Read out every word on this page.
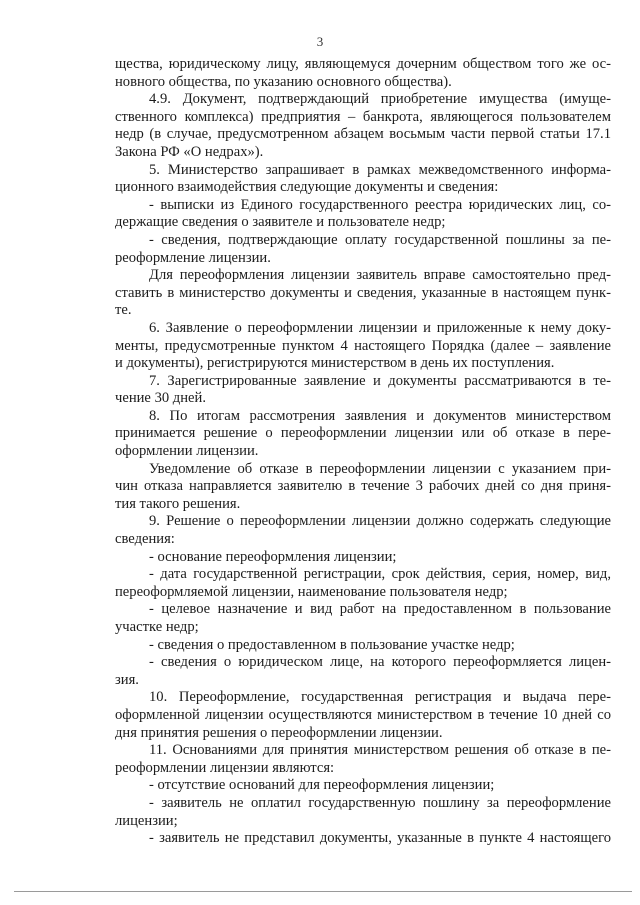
3
щества, юридическому лицу, являющемуся дочерним обществом того же ос-
новного общества, по указанию основного общества).
4.9. Документ, подтверждающий приобретение имущества (имуще-
ственного комплекса) предприятия – банкрота, являющегося пользователем
недр (в случае, предусмотренном абзацем восьмым части первой статьи 17.1
Закона РФ «О недрах»).
5. Министерство запрашивает в рамках межведомственного информа-
ционного взаимодействия следующие документы и сведения:
- выписки из Единого государственного реестра юридических лиц, со-
держащие сведения о заявителе и пользователе недр;
- сведения, подтверждающие оплату государственной пошлины за пе-
реоформление лицензии.
Для переоформления лицензии заявитель вправе самостоятельно пред-
ставить в министерство документы и сведения, указанные в настоящем пунк-
те.
6. Заявление о переоформлении лицензии и приложенные к нему доку-
менты, предусмотренные пунктом 4 настоящего Порядка (далее – заявление
и документы), регистрируются министерством в день их поступления.
7. Зарегистрированные заявление и документы рассматриваются в те-
чение 30 дней.
8. По итогам рассмотрения заявления и документов министерством
принимается решение о переоформлении лицензии или об отказе в пере-
оформлении лицензии.
Уведомление об отказе в переоформлении лицензии с указанием при-
чин отказа направляется заявителю в течение 3 рабочих дней со дня приня-
тия такого решения.
9. Решение о переоформлении лицензии должно содержать следующие
сведения:
- основание переоформления лицензии;
- дата государственной регистрации, срок действия, серия, номер, вид,
переоформляемой лицензии, наименование пользователя недр;
- целевое назначение и вид работ на предоставленном в пользование
участке недр;
- сведения о предоставленном в пользование участке недр;
- сведения о юридическом лице, на которого переоформляется лицен-
зия.
10. Переоформление, государственная регистрация и выдача пере-
оформленной лицензии осуществляются министерством в течение 10 дней со
дня принятия решения о переоформлении лицензии.
11. Основаниями для принятия министерством решения об отказе в пе-
реоформлении лицензии являются:
- отсутствие оснований для переоформления лицензии;
- заявитель не оплатил государственную пошлину за переоформление
лицензии;
- заявитель не представил документы, указанные в пункте 4 настоящего
